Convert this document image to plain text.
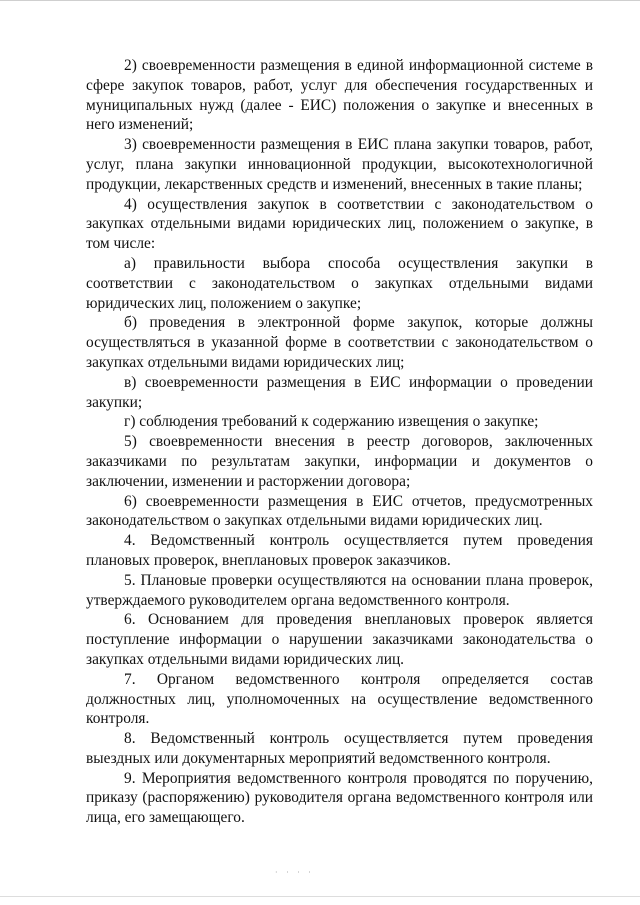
2) своевременности размещения в единой информационной системе в сфере закупок товаров, работ, услуг для обеспечения государственных и муниципальных нужд (далее - ЕИС) положения о закупке и внесенных в него изменений;

3) своевременности размещения в ЕИС плана закупки товаров, работ, услуг, плана закупки инновационной продукции, высокотехнологичной продукции, лекарственных средств и изменений, внесенных в такие планы;

4) осуществления закупок в соответствии с законодательством о закупках отдельными видами юридических лиц, положением о закупке, в том числе:

а) правильности выбора способа осуществления закупки в соответствии с законодательством о закупках отдельными видами юридических лиц, положением о закупке;

б) проведения в электронной форме закупок, которые должны осуществляться в указанной форме в соответствии с законодательством о закупках отдельными видами юридических лиц;

в) своевременности размещения в ЕИС информации о проведении закупки;

г) соблюдения требований к содержанию извещения о закупке;

5) своевременности внесения в реестр договоров, заключенных заказчиками по результатам закупки, информации и документов о заключении, изменении и расторжении договора;

6) своевременности размещения в ЕИС отчетов, предусмотренных законодательством о закупках отдельными видами юридических лиц.

4. Ведомственный контроль осуществляется путем проведения плановых проверок, внеплановых проверок заказчиков.

5. Плановые проверки осуществляются на основании плана проверок, утверждаемого руководителем органа ведомственного контроля.

6. Основанием для проведения внеплановых проверок является поступление информации о нарушении заказчиками законодательства о закупках отдельными видами юридических лиц.

7. Органом ведомственного контроля определяется состав должностных лиц, уполномоченных на осуществление ведомственного контроля.

8. Ведомственный контроль осуществляется путем проведения выездных или документарных мероприятий ведомственного контроля.

9. Мероприятия ведомственного контроля проводятся по поручению, приказу (распоряжению) руководителя органа ведомственного контроля или лица, его замещающего.

· · · ·
